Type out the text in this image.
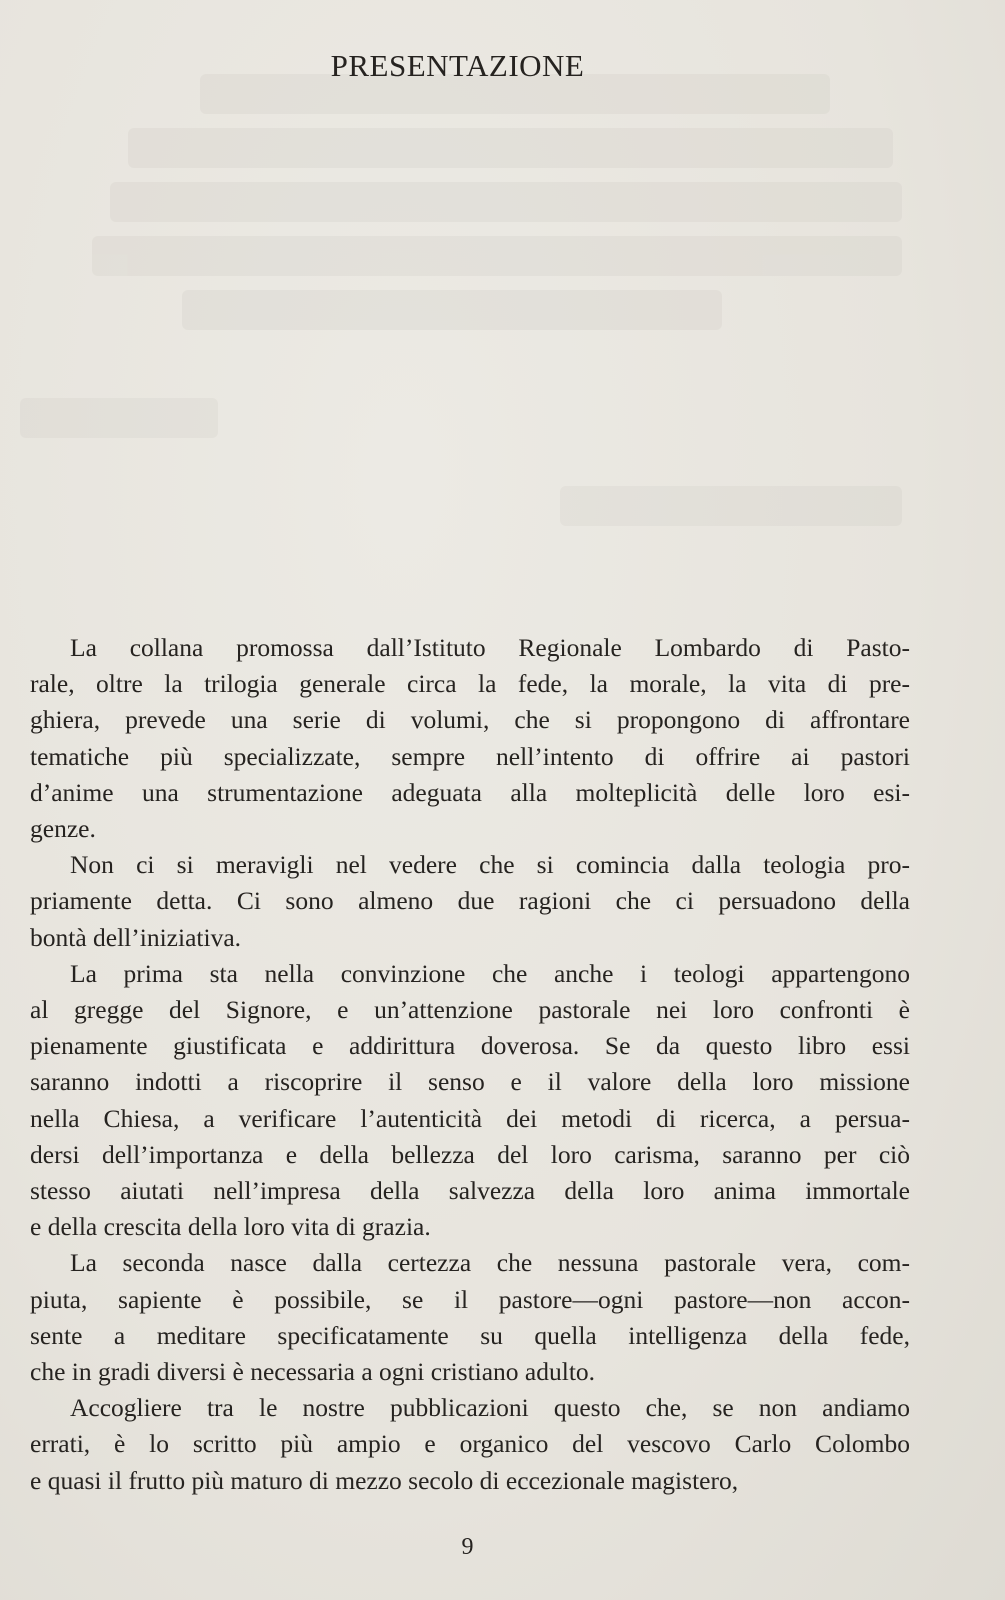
PRESENTAZIONE
La collana promossa dall’Istituto Regionale Lombardo di Pasto-
rale, oltre la trilogia generale circa la fede, la morale, la vita di pre-
ghiera, prevede una serie di volumi, che si propongono di affrontare
tematiche più specializzate, sempre nell’intento di offrire ai pastori
d’anime una strumentazione adeguata alla molteplicità delle loro esi-
genze.
Non ci si meravigli nel vedere che si comincia dalla teologia pro-
priamente detta. Ci sono almeno due ragioni che ci persuadono della
bontà dell’iniziativa.
La prima sta nella convinzione che anche i teologi appartengono
al gregge del Signore, e un’attenzione pastorale nei loro confronti è
pienamente giustificata e addirittura doverosa. Se da questo libro essi
saranno indotti a riscoprire il senso e il valore della loro missione
nella Chiesa, a verificare l’autenticità dei metodi di ricerca, a persua-
dersi dell’importanza e della bellezza del loro carisma, saranno per ciò
stesso aiutati nell’impresa della salvezza della loro anima immortale
e della crescita della loro vita di grazia.
La seconda nasce dalla certezza che nessuna pastorale vera, com-
piuta, sapiente è possibile, se il pastore—ogni pastore—non accon-
sente a meditare specificatamente su quella intelligenza della fede,
che in gradi diversi è necessaria a ogni cristiano adulto.
Accogliere tra le nostre pubblicazioni questo che, se non andiamo
errati, è lo scritto più ampio e organico del vescovo Carlo Colombo
e quasi il frutto più maturo di mezzo secolo di eccezionale magistero,
9
